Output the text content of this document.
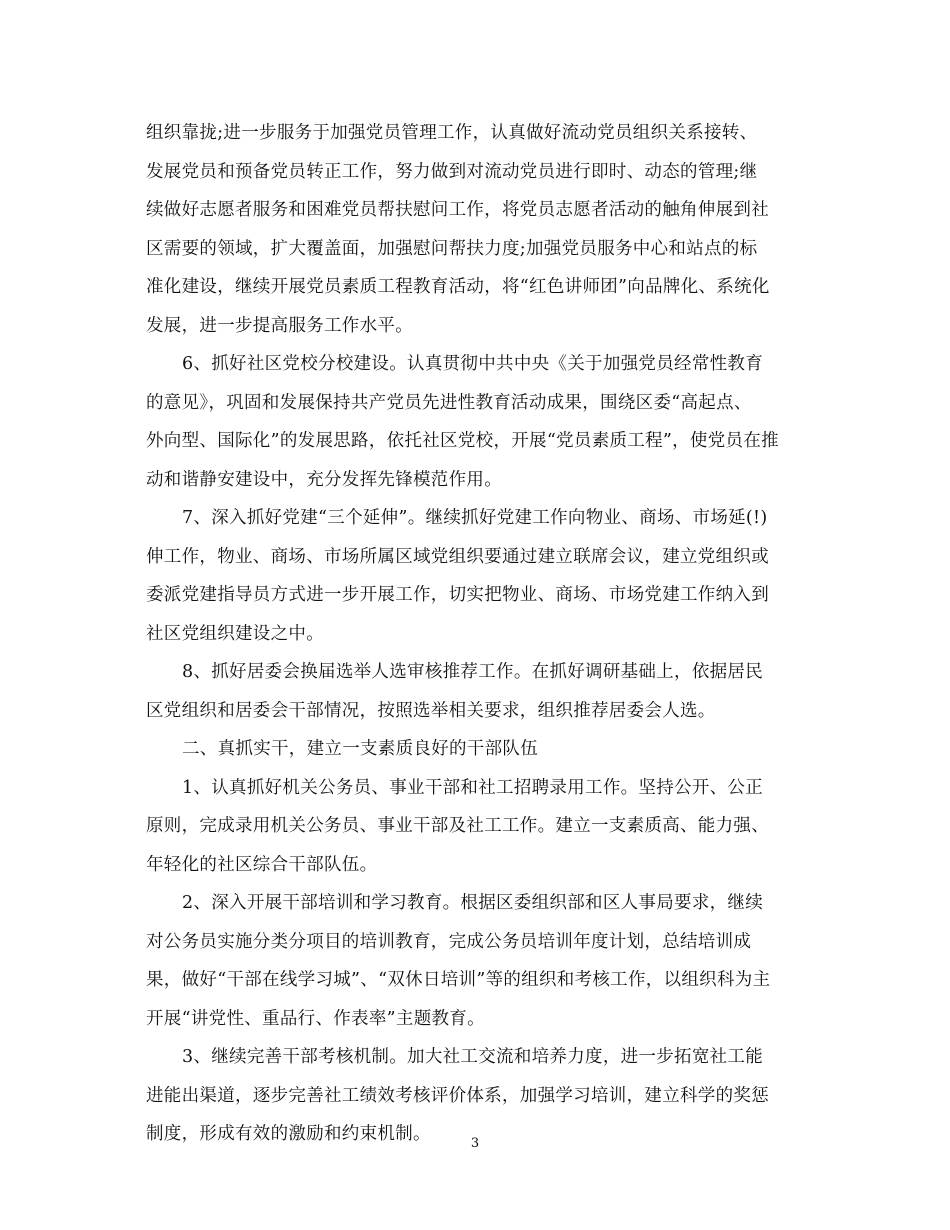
组织靠拢;进一步服务于加强党员管理工作，认真做好流动党员组织关系接转、
发展党员和预备党员转正工作，努力做到对流动党员进行即时、动态的管理;继
续做好志愿者服务和困难党员帮扶慰问工作，将党员志愿者活动的触角伸展到社
区需要的领域，扩大覆盖面，加强慰问帮扶力度;加强党员服务中心和站点的标
准化建设，继续开展党员素质工程教育活动，将“红色讲师团”向品牌化、系统化
发展，进一步提高服务工作水平。
6、抓好社区党校分校建设。认真贯彻中共中央《关于加强党员经常性教育
的意见》，巩固和发展保持共产党员先进性教育活动成果，围绕区委“高起点、
外向型、国际化”的发展思路，依托社区党校，开展“党员素质工程”，使党员在推
动和谐静安建设中，充分发挥先锋模范作用。
7、深入抓好党建“三个延伸”。继续抓好党建工作向物业、商场、市场延(!)
伸工作，物业、商场、市场所属区域党组织要通过建立联席会议，建立党组织或
委派党建指导员方式进一步开展工作，切实把物业、商场、市场党建工作纳入到
社区党组织建设之中。
8、抓好居委会换届选举人选审核推荐工作。在抓好调研基础上，依据居民
区党组织和居委会干部情况，按照选举相关要求，组织推荐居委会人选。
二、真抓实干，建立一支素质良好的干部队伍
1、认真抓好机关公务员、事业干部和社工招聘录用工作。坚持公开、公正
原则，完成录用机关公务员、事业干部及社工工作。建立一支素质高、能力强、
年轻化的社区综合干部队伍。
2、深入开展干部培训和学习教育。根据区委组织部和区人事局要求，继续
对公务员实施分类分项目的培训教育，完成公务员培训年度计划，总结培训成
果，做好“干部在线学习城”、“双休日培训”等的组织和考核工作，以组织科为主
开展“讲党性、重品行、作表率”主题教育。
3、继续完善干部考核机制。加大社工交流和培养力度，进一步拓宽社工能
进能出渠道，逐步完善社工绩效考核评价体系，加强学习培训，建立科学的奖惩
制度，形成有效的激励和约束机制。	3
